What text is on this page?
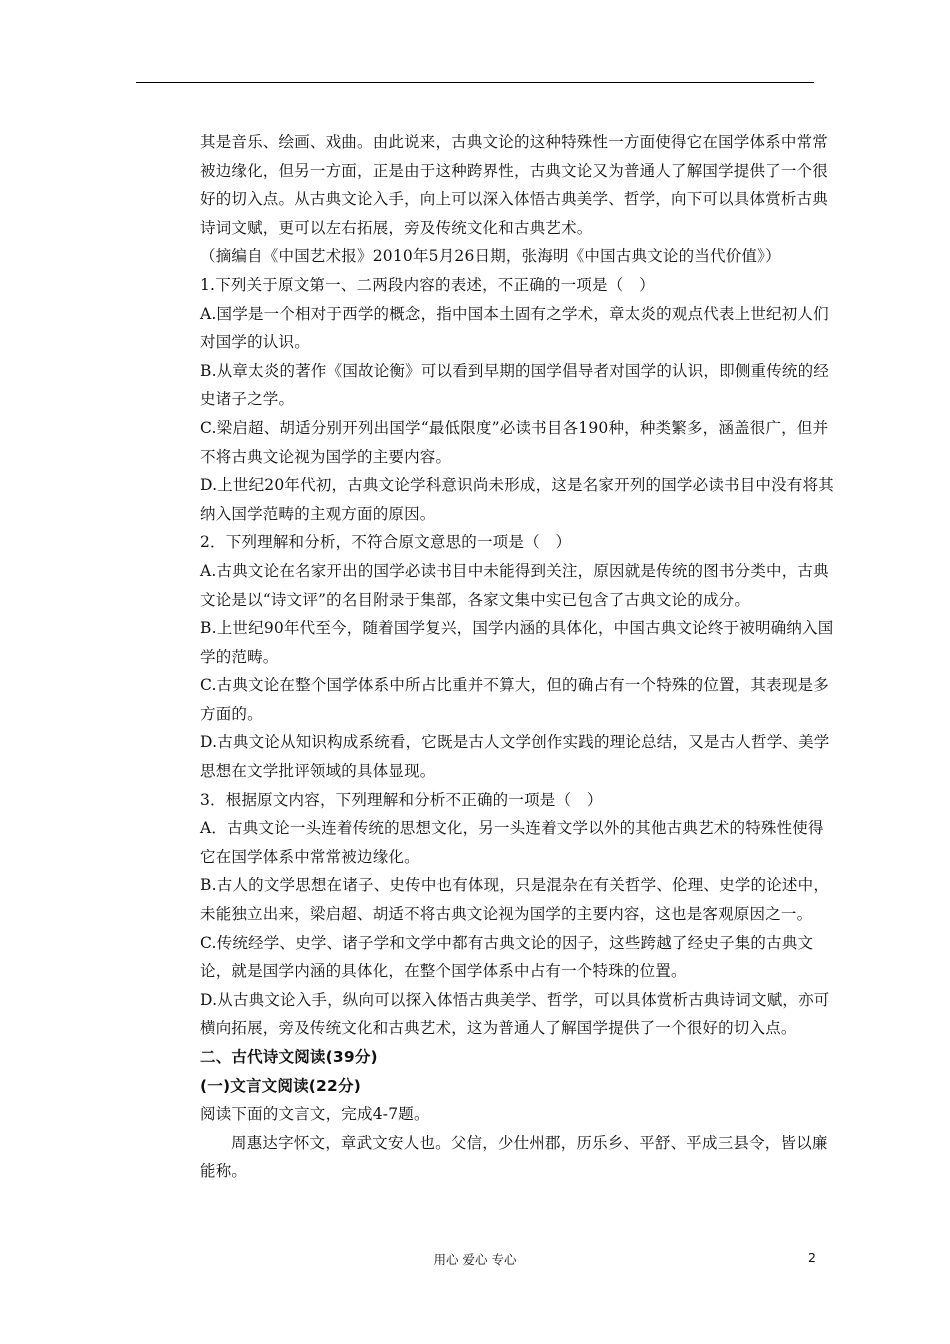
其是音乐、绘画、戏曲。由此说来，古典文论的这种特殊性一方面使得它在国学体系中常常被边缘化，但另一方面，正是由于这种跨界性，古典文论又为普通人了解国学提供了一个很好的切入点。从古典文论入手，向上可以深入体悟古典美学、哲学，向下可以具体赏析古典诗词文赋，更可以左右拓展，旁及传统文化和古典艺术。

（摘编自《中国艺术报》2010年5月26日期，张海明《中国古典文论的当代价值》）

1.下列关于原文第一、二两段内容的表述，不正确的一项是（　）

A.国学是一个相对于西学的概念，指中国本土固有之学术，章太炎的观点代表上世纪初人们对国学的认识。

B.从章太炎的著作《国故论衡》可以看到早期的国学倡导者对国学的认识，即侧重传统的经史诸子之学。

C.梁启超、胡适分别开列出国学“最低限度”必读书目各190种，种类繁多，涵盖很广，但并不将古典文论视为国学的主要内容。

D.上世纪20年代初，古典文论学科意识尚未形成，这是名家开列的国学必读书目中没有将其纳入国学范畴的主观方面的原因。

2．下列理解和分析，不符合原文意思的一项是（　）

A.古典文论在名家开出的国学必读书目中未能得到关注，原因就是传统的图书分类中，古典文论是以“诗文评”的名目附录于集部，各家文集中实已包含了古典文论的成分。

B.上世纪90年代至今，随着国学复兴，国学内涵的具体化，中国古典文论终于被明确纳入国学的范畴。

C.古典文论在整个国学体系中所占比重并不算大，但的确占有一个特殊的位置，其表现是多方面的。

D.古典文论从知识构成系统看，它既是古人文学创作实践的理论总结，又是古人哲学、美学思想在文学批评领域的具体显现。

3．根据原文内容，下列理解和分析不正确的一项是（　）

A．古典文论一头连着传统的思想文化，另一头连着文学以外的其他古典艺术的特殊性使得它在国学体系中常常被边缘化。

B.古人的文学思想在诸子、史传中也有体现，只是混杂在有关哲学、伦理、史学的论述中，未能独立出来，梁启超、胡适不将古典文论视为国学的主要内容，这也是客观原因之一。

C.传统经学、史学、诸子学和文学中都有古典文论的因子，这些跨越了经史子集的古典文论，就是国学内涵的具体化，在整个国学体系中占有一个特珠的位置。

D.从古典文论入手，纵向可以探入体悟古典美学、哲学，可以具体赏析古典诗词文赋，亦可横向拓展，旁及传统文化和古典艺术，这为普通人了解国学提供了一个很好的切入点。

二、古代诗文阅读(39分)

(一)文言文阅读(22分)

阅读下面的文言文，完成4-7题。

周惠达字怀文，章武文安人也。父信，少仕州郡，历乐乡、平舒、平成三县令，皆以廉能称。

用心 爱心 专心	2
